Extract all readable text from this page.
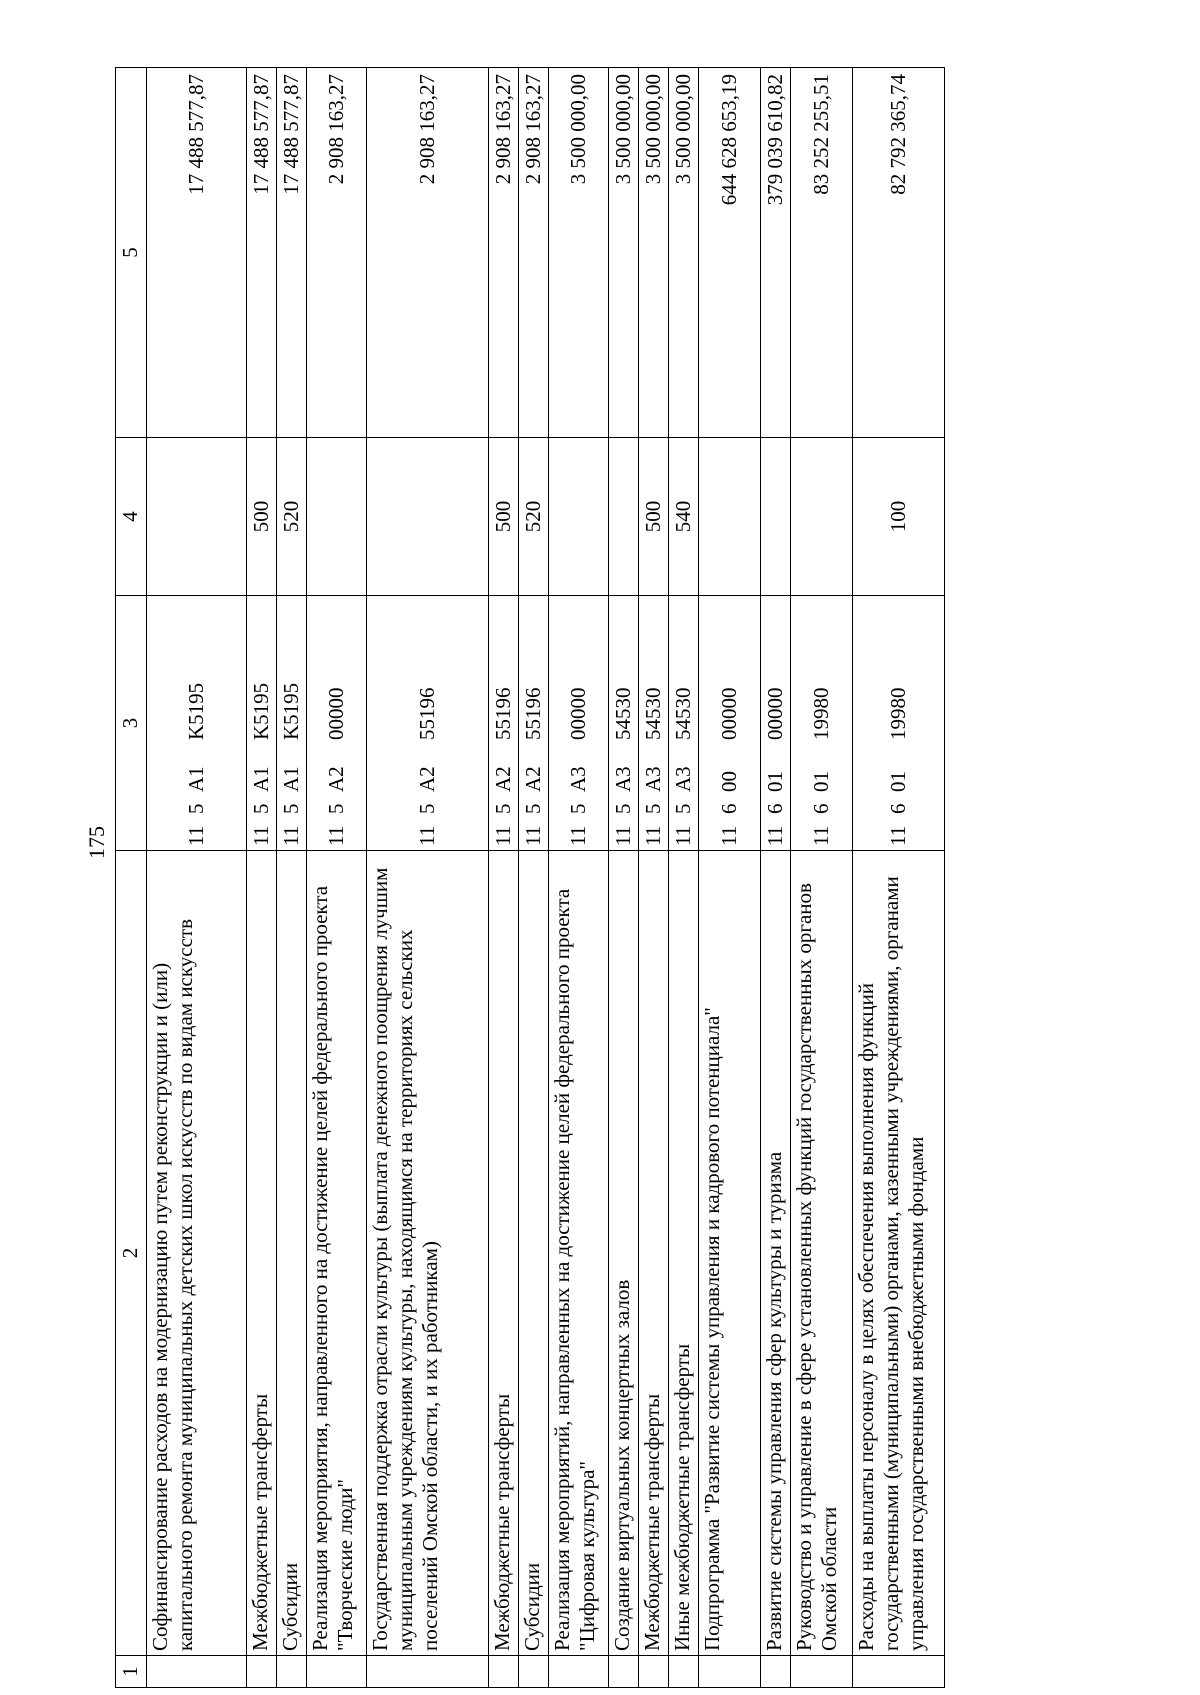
175
1	2	3	4	5
	Софинансирование расходов на модернизацию путем реконструкции и (или) капитального ремонта муниципальных детских школ искусств по видам искусств	115А1K5195		17 488 577,87
	Межбюджетные трансферты	115А1K5195	500	17 488 577,87
	Субсидии	115А1K5195	520	17 488 577,87
	Реализация мероприятия, направленного на достижение целей федерального проекта "Творческие люди"	115А200000		2 908 163,27
	Государственная поддержка отрасли культуры (выплата денежного поощрения лучшим муниципальным учреждениям культуры, находящимся на территориях сельских поселений Омской области, и их работникам)	115А255196		2 908 163,27
	Межбюджетные трансферты	115А255196	500	2 908 163,27
	Субсидии	115А255196	520	2 908 163,27
	Реализация мероприятий, направленных на достижение целей федерального проекта "Цифровая культура"	115А300000		3 500 000,00
	Создание виртуальных концертных залов	115А354530		3 500 000,00
	Межбюджетные трансферты	115А354530	500	3 500 000,00
	Иные межбюджетные трансферты	115А354530	540	3 500 000,00
	Подпрограмма "Развитие системы управления и кадрового потенциала"	1160000000		644 628 653,19
	Развитие системы управления сфер культуры и туризма	1160100000		379 039 610,82
	Руководство и управление в сфере установленных функций государственных органов Омской области	1160119980		83 252 255,51
	Расходы на выплаты персоналу в целях обеспечения выполнения функций государственными (муниципальными) органами, казенными учреждениями, органами управления государственными внебюджетными фондами	1160119980	100	82 792 365,74
